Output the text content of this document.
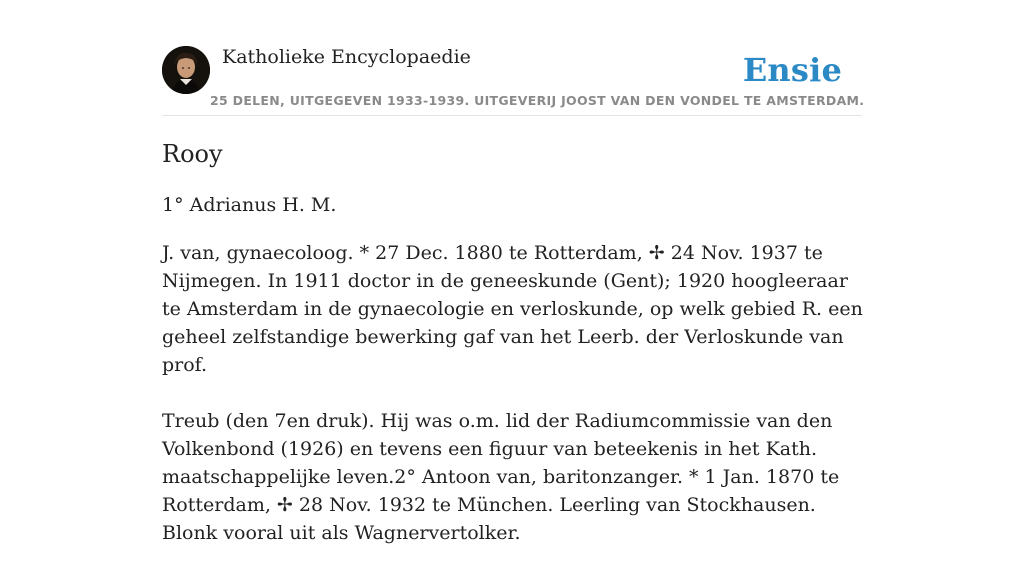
Katholieke Encyclopaedie	Ensie
25 DELEN, UITGEGEVEN 1933-1939. UITGEVERIJ JOOST VAN DEN VONDEL TE AMSTERDAM.
Rooy
1° Adrianus H. M.

J. van, gynaecoloog. * 27 Dec. 1880 te Rotterdam, ✢ 24 Nov. 1937 te Nijmegen. In 1911 doctor in de geneeskunde (Gent); 1920 hoogleeraar te Amsterdam in de gynaecologie en verloskunde, op welk gebied R. een geheel zelfstandige bewerking gaf van het Leerb. der Verloskunde van prof.

Treub (den 7en druk). Hij was o.m. lid der Radiumcommissie van den Volkenbond (1926) en tevens een figuur van beteekenis in het Kath. maatschappelijke leven.2° Antoon van, baritonzanger. * 1 Jan. 1870 te Rotterdam, ✢ 28 Nov. 1932 te München. Leerling van Stockhausen. Blonk vooral uit als Wagnervertolker.
